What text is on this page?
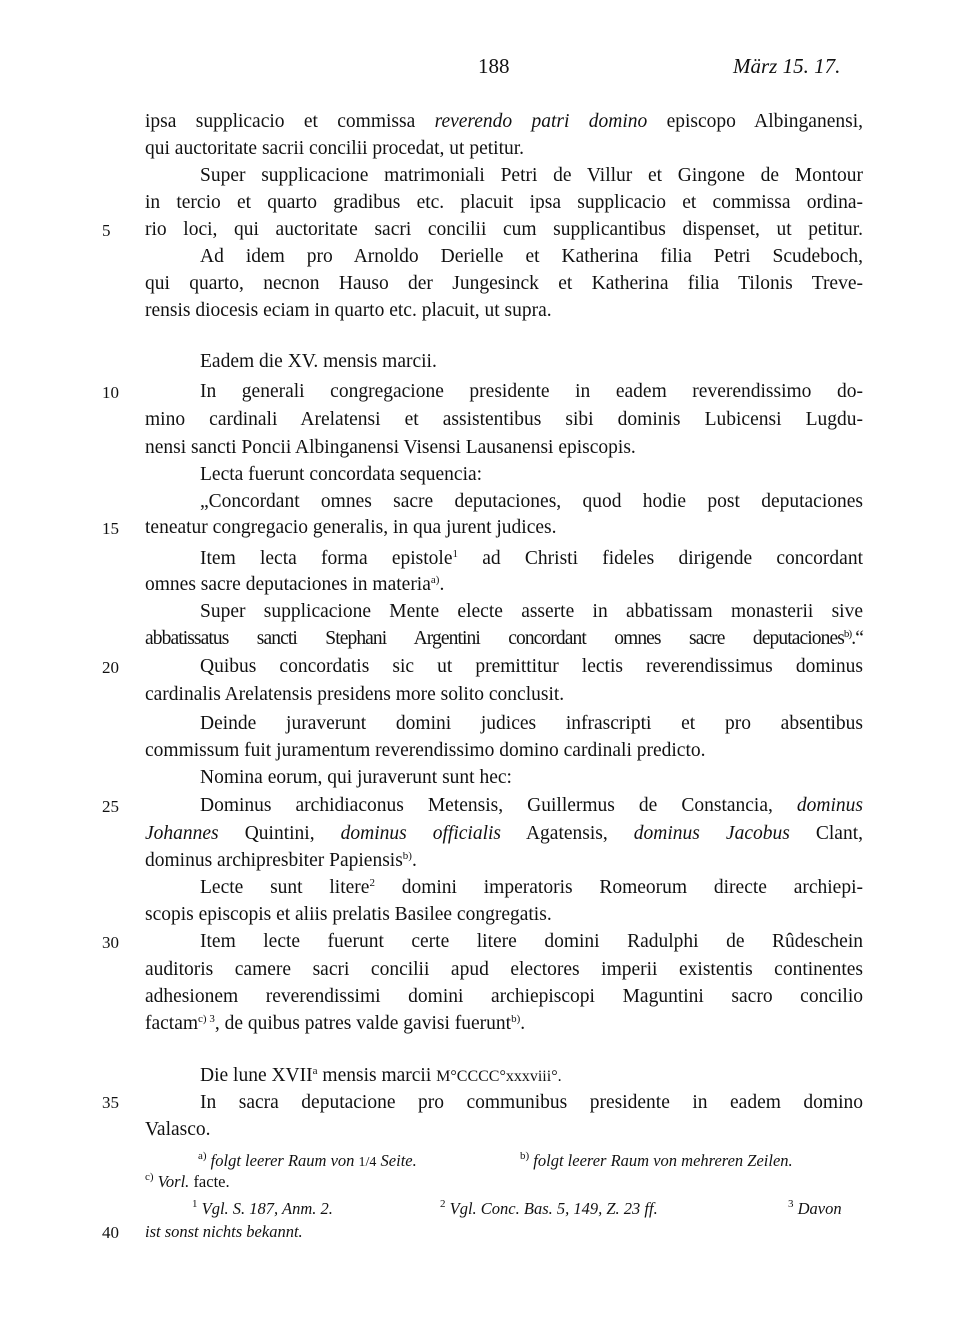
188	März 15. 17.
5
10
15
20
25
30
35
40
ipsa supplicacio et commissa reverendo patri domino episcopo Albinganensi,
qui auctoritate sacrii concilii procedat, ut petitur.
Super supplicacione matrimoniali Petri de Villur et Gingone de Montour
in tercio et quarto gradibus etc. placuit ipsa supplicacio et commissa ordina-
rio loci, qui auctoritate sacri concilii cum supplicantibus dispenset, ut petitur.
Ad idem pro Arnoldo Derielle et Katherina filia Petri Scudeboch,
qui quarto, necnon Hauso der Jungesinck et Katherina filia Tilonis Treve-
rensis diocesis eciam in quarto etc. placuit, ut supra.
Eadem die XV. mensis marcii.
In generali congregacione presidente in eadem reverendissimo do-
mino cardinali Arelatensi et assistentibus sibi dominis Lubicensi Lugdu-
nensi sancti Poncii Albinganensi Visensi Lausanensi episcopis.
Lecta fuerunt concordata sequencia:
„Concordant omnes sacre deputaciones, quod hodie post deputaciones
teneatur congregacio generalis, in qua jurent judices.
Item lecta forma epistole$^1$ ad Christi fideles dirigende concordant
omnes sacre deputaciones in materia$^{a)}$.
Super supplicacione Mente electe asserte in abbatissam monasterii sive
abbatissatus sancti Stephani Argentini concordant omnes sacre deputaciones$^{b)}$.“
Quibus concordatis sic ut premittitur lectis reverendissimus dominus
cardinalis Arelatensis presidens more solito conclusit.
Deinde juraverunt domini judices infrascripti et pro absentibus
commissum fuit juramentum reverendissimo domino cardinali predicto.
Nomina eorum, qui juraverunt sunt hec:
Dominus archidiaconus Metensis, Guillermus de Constancia, dominus
Johannes Quintini, dominus officialis Agatensis, dominus Jacobus Clant,
dominus archipresbiter Papiensis$^{b)}$.
Lecte sunt litere$^2$ domini imperatoris Romeorum directe archiepi-
scopis episcopis et aliis prelatis Basilee congregatis.
Item lecte fuerunt certe litere domini Radulphi de Rûdeschein
auditoris camere sacri concilii apud electores imperii existentis continentes
adhesionem reverendissimi domini archiepiscopi Maguntini sacro concilio
factam$^{c) 3}$, de quibus patres valde gavisi fuerunt$^{b)}$.
Die lune XVII$^a$ mensis marcii M°CCCC°xxxviii°.
In sacra deputacione pro communibus presidente in eadem domino
Valasco.
$^{a)}$ folgt leerer Raum von 1/4 Seite.	$^{b)}$ folgt leerer Raum von mehreren Zeilen.
$^{c)}$ Vorl. facte.
$^1$ Vgl. S. 187, Anm. 2.	$^2$ Vgl. Conc. Bas. 5, 149, Z. 23 ff.	$^3$ Davon
ist sonst nichts bekannt.
